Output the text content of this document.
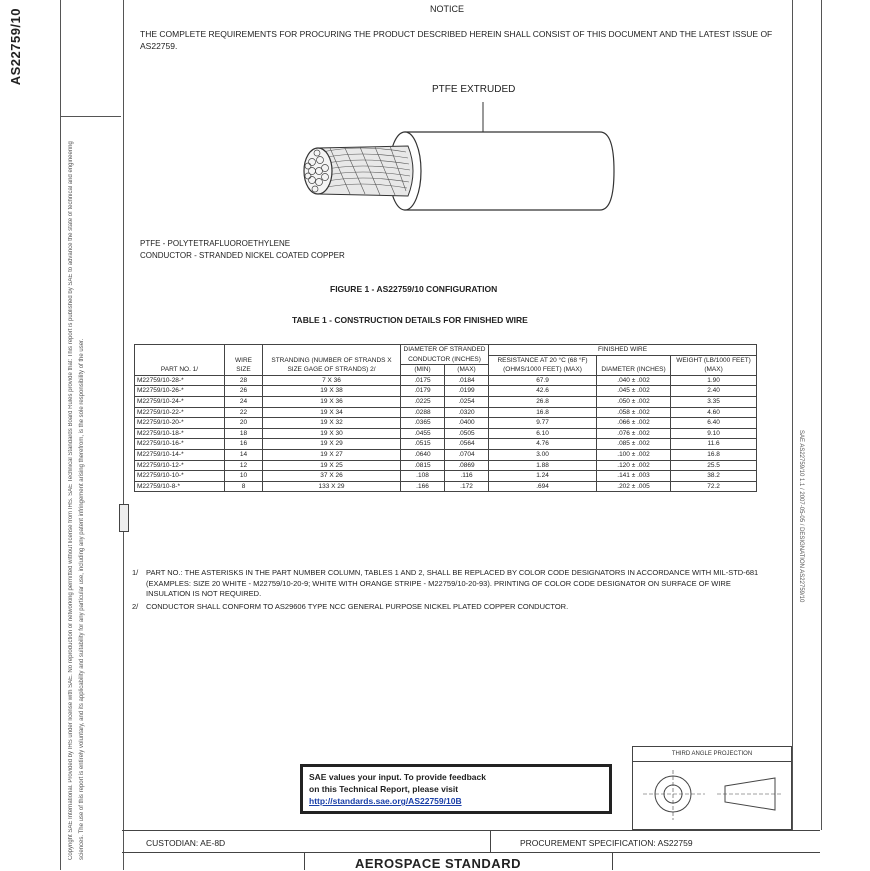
AS22759/10
Copyright SAE International. Provided by IHS under license with SAE. No reproduction or networking permitted without license from IHS. SAE Technical Standards Board Rules provide that: This report is published by SAE to advance the state of technical and engineering sciences. The use of this report is entirely voluntary, and its applicability and suitability for any particular use, including any patent infringement arising therefrom, is the sole responsibility of the user.	SAE AS22759/10 1.1 / 2007-05-05 / DESIGNATION AS22759/10
NOTICE
THE COMPLETE REQUIREMENTS FOR PROCURING THE PRODUCT DESCRIBED HEREIN SHALL CONSIST OF THIS DOCUMENT AND THE LATEST ISSUE OF AS22759.
PTFE EXTRUDED
PTFE - POLYTETRAFLUOROETHYLENE
CONDUCTOR - STRANDED NICKEL COATED COPPER
FIGURE 1 - AS22759/10 CONFIGURATION
TABLE 1 - CONSTRUCTION DETAILS FOR FINISHED WIRE
PART NO. 1/	WIRE SIZE	STRANDING (NUMBER OF STRANDS X SIZE GAGE OF STRANDS) 2/	DIAMETER OF STRANDED CONDUCTOR (INCHES)		FINISHED WIRE		
					RESISTANCE AT 20 °C (68 °F) (OHMS/1000 FEET) (MAX)	DIAMETER (INCHES)	WEIGHT (LB/1000 FEET) (MAX)
			(MIN)	(MAX)			
M22759/10-28-*	28	7 X 36	.0175	.0184	67.9	.040 ± .002	1.90
M22759/10-26-*	26	19 X 38	.0179	.0199	42.6	.045 ± .002	2.40
M22759/10-24-*	24	19 X 36	.0225	.0254	26.8	.050 ± .002	3.35
M22759/10-22-*	22	19 X 34	.0288	.0320	16.8	.058 ± .002	4.60
M22759/10-20-*	20	19 X 32	.0365	.0400	9.77	.066 ± .002	6.40
M22759/10-18-*	18	19 X 30	.0455	.0505	6.10	.076 ± .002	9.10
M22759/10-16-*	16	19 X 29	.0515	.0564	4.76	.085 ± .002	11.6
M22759/10-14-*	14	19 X 27	.0640	.0704	3.00	.100 ± .002	16.8
M22759/10-12-*	12	19 X 25	.0815	.0869	1.88	.120 ± .002	25.5
M22759/10-10-*	10	37 X 26	.108	.116	1.24	.141 ± .003	38.2
M22759/10-8-*	8	133 X 29	.166	.172	.694	.202 ± .005	72.2
1/	PART NO.: THE ASTERISKS IN THE PART NUMBER COLUMN, TABLES 1 AND 2, SHALL BE REPLACED BY COLOR CODE DESIGNATORS IN ACCORDANCE WITH MIL-STD-681 (EXAMPLES: SIZE 20 WHITE - M22759/10-20-9; WHITE WITH ORANGE STRIPE - M22759/10-20-93). PRINTING OF COLOR CODE DESIGNATOR ON SURFACE OF WIRE INSULATION IS NOT REQUIRED.
2/	CONDUCTOR SHALL CONFORM TO AS29606 TYPE NCC GENERAL PURPOSE NICKEL PLATED COPPER CONDUCTOR.
SAE values your input. To provide feedback
on this Technical Report, please visit
http://standards.sae.org/AS22759/10B
THIRD ANGLE PROJECTION
CUSTODIAN: AE-8D	PROCUREMENT SPECIFICATION: AS22759
AEROSPACE STANDARD
